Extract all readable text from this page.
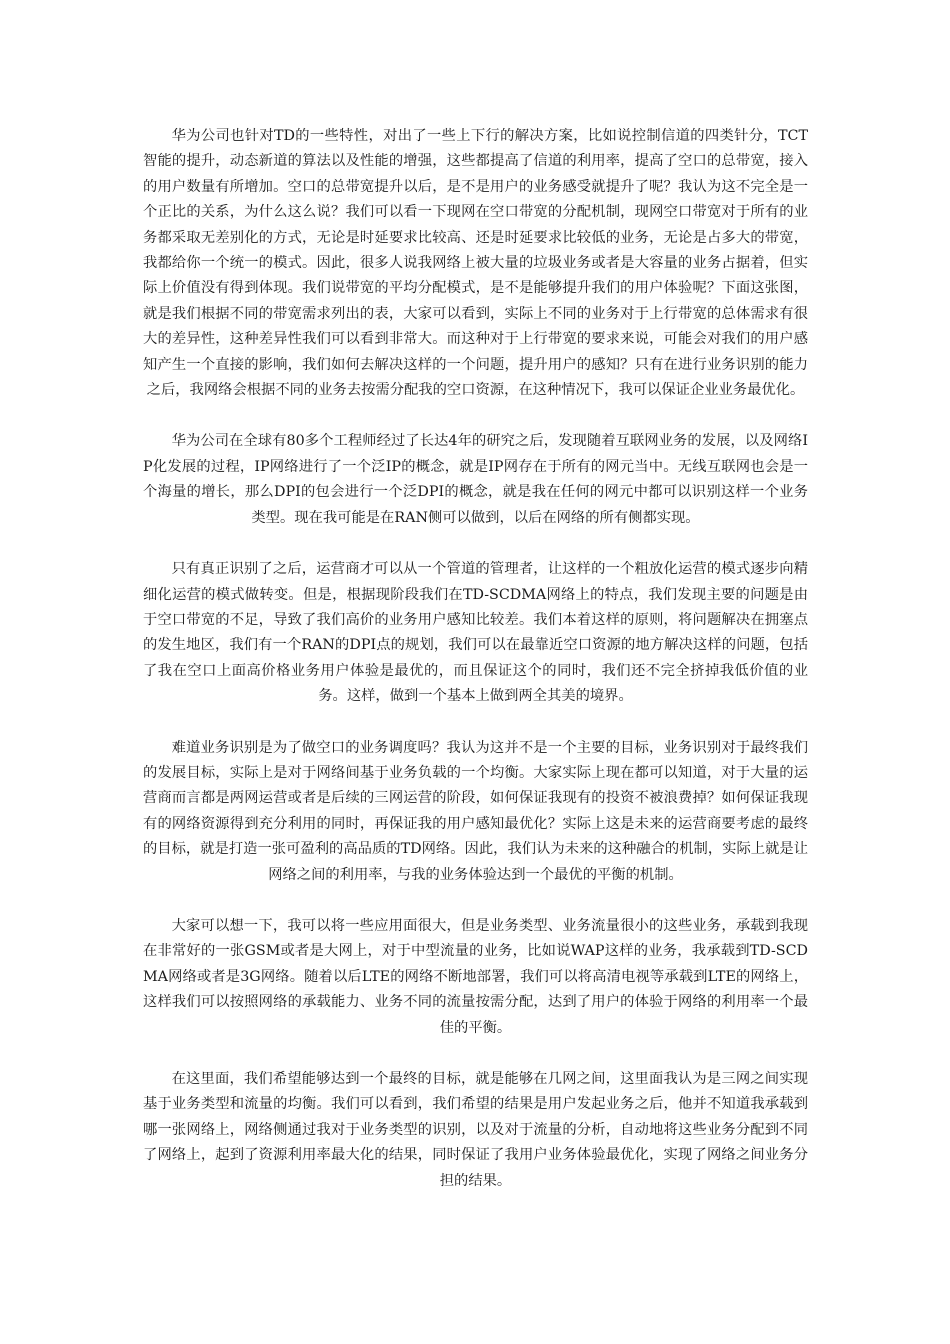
华为公司也针对TD的一些特性，对出了一些上下行的解决方案，比如说控制信道的四类针分，TCT智能的提升，动态新道的算法以及性能的增强，这些都提高了信道的利用率，提高了空口的总带宽，接入的用户数量有所增加。空口的总带宽提升以后，是不是用户的业务感受就提升了呢？我认为这不完全是一个正比的关系，为什么这么说？我们可以看一下现网在空口带宽的分配机制，现网空口带宽对于所有的业务都采取无差别化的方式，无论是时延要求比较高、还是时延要求比较低的业务，无论是占多大的带宽，我都给你一个统一的模式。因此，很多人说我网络上被大量的垃圾业务或者是大容量的业务占据着，但实际上价值没有得到体现。我们说带宽的平均分配模式，是不是能够提升我们的用户体验呢？下面这张图，就是我们根据不同的带宽需求列出的表，大家可以看到，实际上不同的业务对于上行带宽的总体需求有很大的差异性，这种差异性我们可以看到非常大。而这种对于上行带宽的要求来说，可能会对我们的用户感知产生一个直接的影响，我们如何去解决这样的一个问题，提升用户的感知？只有在进行业务识别的能力之后，我网络会根据不同的业务去按需分配我的空口资源，在这种情况下，我可以保证企业业务最优化。

华为公司在全球有80多个工程师经过了长达4年的研究之后，发现随着互联网业务的发展，以及网络IP化发展的过程，IP网络进行了一个泛IP的概念，就是IP网存在于所有的网元当中。无线互联网也会是一个海量的增长，那么DPI的包会进行一个泛DPI的概念，就是我在任何的网元中都可以识别这样一个业务类型。现在我可能是在RAN侧可以做到，以后在网络的所有侧都实现。

只有真正识别了之后，运营商才可以从一个管道的管理者，让这样的一个粗放化运营的模式逐步向精细化运营的模式做转变。但是，根据现阶段我们在TD-SCDMA网络上的特点，我们发现主要的问题是由于空口带宽的不足，导致了我们高价的业务用户感知比较差。我们本着这样的原则，将问题解决在拥塞点的发生地区，我们有一个RAN的DPI点的规划，我们可以在最靠近空口资源的地方解决这样的问题，包括了我在空口上面高价格业务用户体验是最优的，而且保证这个的同时，我们还不完全挤掉我低价值的业务。这样，做到一个基本上做到两全其美的境界。

难道业务识别是为了做空口的业务调度吗？我认为这并不是一个主要的目标，业务识别对于最终我们的发展目标，实际上是对于网络间基于业务负载的一个均衡。大家实际上现在都可以知道，对于大量的运营商而言都是两网运营或者是后续的三网运营的阶段，如何保证我现有的投资不被浪费掉？如何保证我现有的网络资源得到充分利用的同时，再保证我的用户感知最优化？实际上这是未来的运营商要考虑的最终的目标，就是打造一张可盈利的高品质的TD网络。因此，我们认为未来的这种融合的机制，实际上就是让网络之间的利用率，与我的业务体验达到一个最优的平衡的机制。

大家可以想一下，我可以将一些应用面很大，但是业务类型、业务流量很小的这些业务，承载到我现在非常好的一张GSM或者是大网上，对于中型流量的业务，比如说WAP这样的业务，我承载到TD-SCDMA网络或者是3G网络。随着以后LTE的网络不断地部署，我们可以将高清电视等承载到LTE的网络上，这样我们可以按照网络的承载能力、业务不同的流量按需分配，达到了用户的体验于网络的利用率一个最佳的平衡。

在这里面，我们希望能够达到一个最终的目标，就是能够在几网之间，这里面我认为是三网之间实现基于业务类型和流量的均衡。我们可以看到，我们希望的结果是用户发起业务之后，他并不知道我承载到哪一张网络上，网络侧通过我对于业务类型的识别，以及对于流量的分析，自动地将这些业务分配到不同了网络上，起到了资源利用率最大化的结果，同时保证了我用户业务体验最优化，实现了网络之间业务分担的结果。
